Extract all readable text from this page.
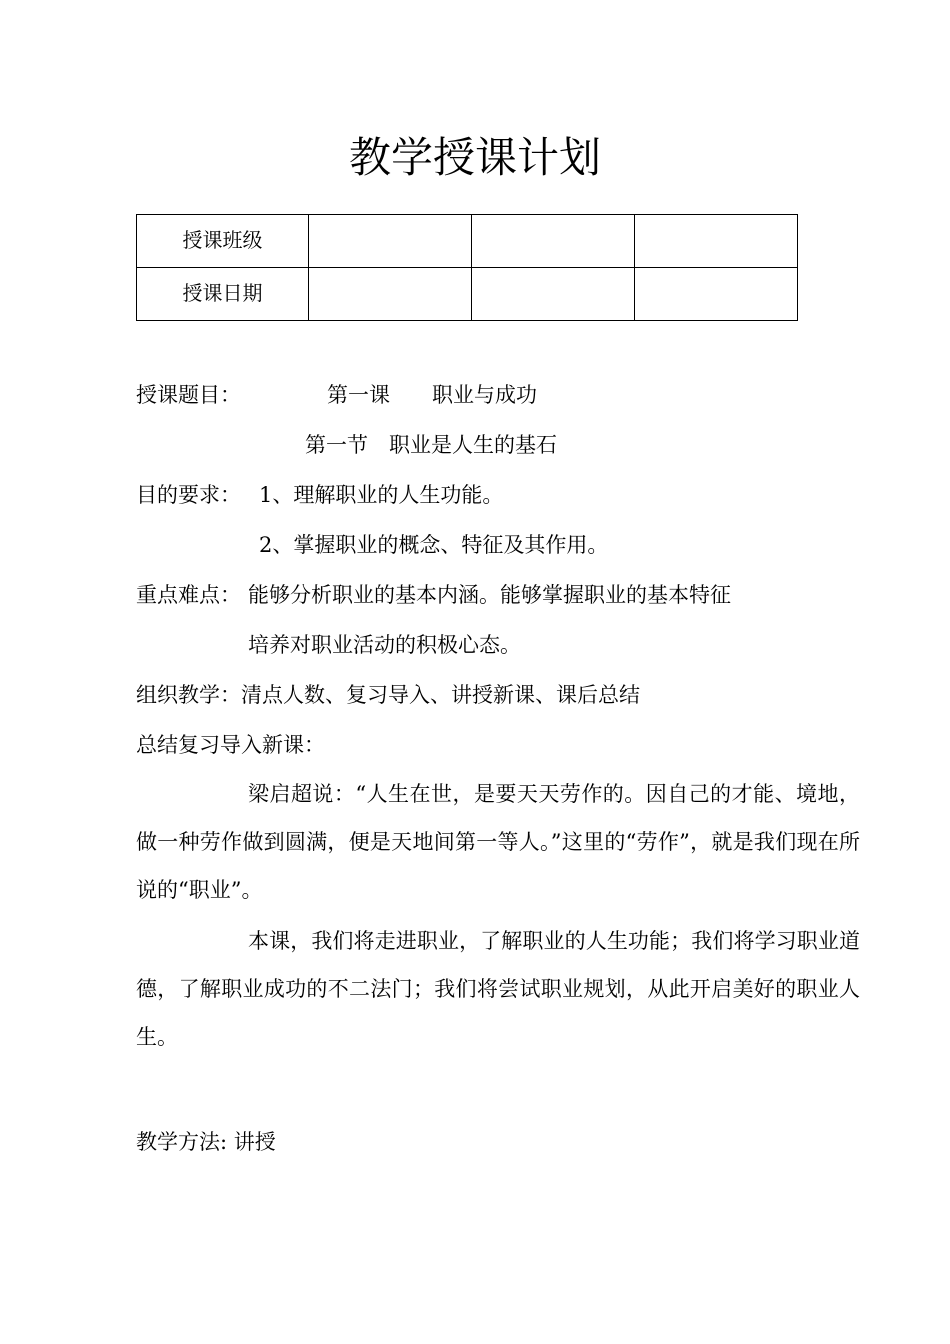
教学授课计划
授课班级			
授课日期			
授课题目：	第一课　　职业与成功
第一节　职业是人生的基石
目的要求： 1、理解职业的人生功能。
2、掌握职业的概念、特征及其作用。
重点难点： 能够分析职业的基本内涵。能够掌握职业的基本特征
培养对职业活动的积极心态。
组织教学：清点人数、复习导入、讲授新课、课后总结
总结复习导入新课：
梁启超说：“人生在世，是要天天劳作的。因自己的才能、境地，做一种劳作做到圆满，便是天地间第一等人。”这里的“劳作”，就是我们现在所说的“职业”。
本课，我们将走进职业，了解职业的人生功能；我们将学习职业道德，了解职业成功的不二法门；我们将尝试职业规划，从此开启美好的职业人生。
教学方法: 讲授
